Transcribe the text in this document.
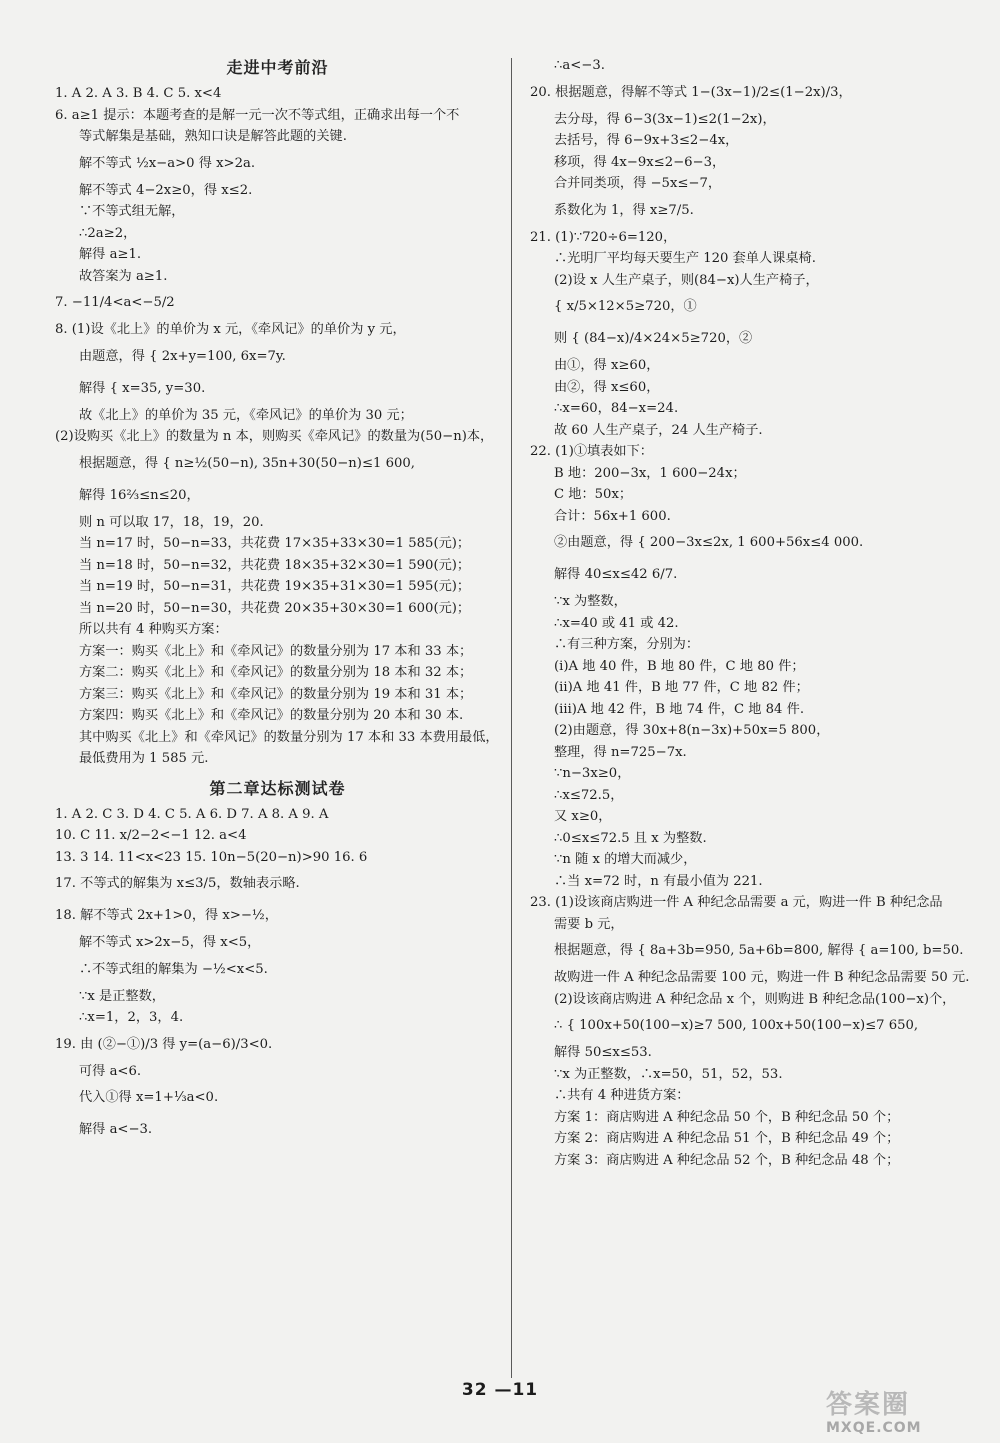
走进中考前沿

1. A 2. A 3. B 4. C 5. x<4

6. a≥1 提示：本题考查的是解一元一次不等式组，正确求出每一个不

等式解集是基础，熟知口诀是解答此题的关键.

解不等式 ½x−a>0 得 x>2a.

解不等式 4−2x≥0，得 x≤2.

∵不等式组无解，

∴2a≥2，

解得 a≥1.

故答案为 a≥1.

7. −11/4<a<−5/2

8. (1)设《北上》的单价为 x 元，《牵风记》的单价为 y 元，

由题意，得 { 2x+y=100, 6x=7y.

解得 { x=35, y=30.

故《北上》的单价为 35 元，《牵风记》的单价为 30 元；

(2)设购买《北上》的数量为 n 本，则购买《牵风记》的数量为(50−n)本，

根据题意，得 { n≥½(50−n), 35n+30(50−n)≤1 600,

解得 16⅔≤n≤20，

则 n 可以取 17，18，19，20.

当 n=17 时，50−n=33，共花费 17×35+33×30=1 585(元)；

当 n=18 时，50−n=32，共花费 18×35+32×30=1 590(元)；

当 n=19 时，50−n=31，共花费 19×35+31×30=1 595(元)；

当 n=20 时，50−n=30，共花费 20×35+30×30=1 600(元)；

所以共有 4 种购买方案：

方案一：购买《北上》和《牵风记》的数量分别为 17 本和 33 本；

方案二：购买《北上》和《牵风记》的数量分别为 18 本和 32 本；

方案三：购买《北上》和《牵风记》的数量分别为 19 本和 31 本；

方案四：购买《北上》和《牵风记》的数量分别为 20 本和 30 本.

其中购买《北上》和《牵风记》的数量分别为 17 本和 33 本费用最低，

最低费用为 1 585 元.

第二章达标测试卷

1. A 2. C 3. D 4. C 5. A 6. D 7. A 8. A 9. A

10. C 11. x/2−2<−1 12. a<4

13. 3 14. 11<x<23 15. 10n−5(20−n)>90 16. 6

17. 不等式的解集为 x≤3/5，数轴表示略.

18. 解不等式 2x+1>0，得 x>−½，

解不等式 x>2x−5，得 x<5，

∴不等式组的解集为 −½<x<5.

∵x 是正整数，

∴x=1，2，3，4.

19. 由 (②−①)/3 得 y=(a−6)/3<0.

可得 a<6.

代入①得 x=1+⅓a<0.

解得 a<−3.

∴a<−3.

20. 根据题意，得解不等式 1−(3x−1)/2≤(1−2x)/3，

去分母，得 6−3(3x−1)≤2(1−2x)，

去括号，得 6−9x+3≤2−4x，

移项，得 4x−9x≤2−6−3，

合并同类项，得 −5x≤−7，

系数化为 1，得 x≥7/5.

21. (1)∵720÷6=120，

∴光明厂平均每天要生产 120 套单人课桌椅.

(2)设 x 人生产桌子，则(84−x)人生产椅子，

{ x/5×12×5≥720，①

则 { (84−x)/4×24×5≥720，②

由①，得 x≥60，

由②，得 x≤60，

∴x=60，84−x=24.

故 60 人生产桌子，24 人生产椅子.

22. (1)①填表如下：

B 地：200−3x，1 600−24x；

C 地：50x；

合计：56x+1 600.

②由题意，得 { 200−3x≤2x, 1 600+56x≤4 000.

解得 40≤x≤42 6/7.

∵x 为整数，

∴x=40 或 41 或 42.

∴有三种方案，分别为：

(ⅰ)A 地 40 件，B 地 80 件，C 地 80 件；

(ⅱ)A 地 41 件，B 地 77 件，C 地 82 件；

(ⅲ)A 地 42 件，B 地 74 件，C 地 84 件.

(2)由题意，得 30x+8(n−3x)+50x=5 800，

整理，得 n=725−7x.

∵n−3x≥0，

∴x≤72.5，

又 x≥0，

∴0≤x≤72.5 且 x 为整数.

∵n 随 x 的增大而减少，

∴当 x=72 时，n 有最小值为 221.

23. (1)设该商店购进一件 A 种纪念品需要 a 元，购进一件 B 种纪念品

需要 b 元，

根据题意，得 { 8a+3b=950, 5a+6b=800, 解得 { a=100, b=50.

故购进一件 A 种纪念品需要 100 元，购进一件 B 种纪念品需要 50 元.

(2)设该商店购进 A 种纪念品 x 个，则购进 B 种纪念品(100−x)个，

∴ { 100x+50(100−x)≥7 500, 100x+50(100−x)≤7 650,

解得 50≤x≤53.

∵x 为正整数，∴x=50，51，52，53.

∴共有 4 种进货方案：

方案 1：商店购进 A 种纪念品 50 个，B 种纪念品 50 个；

方案 2：商店购进 A 种纪念品 51 个，B 种纪念品 49 个；

方案 3：商店购进 A 种纪念品 52 个，B 种纪念品 48 个；

32 —11	答案圈
MXQE.COM
